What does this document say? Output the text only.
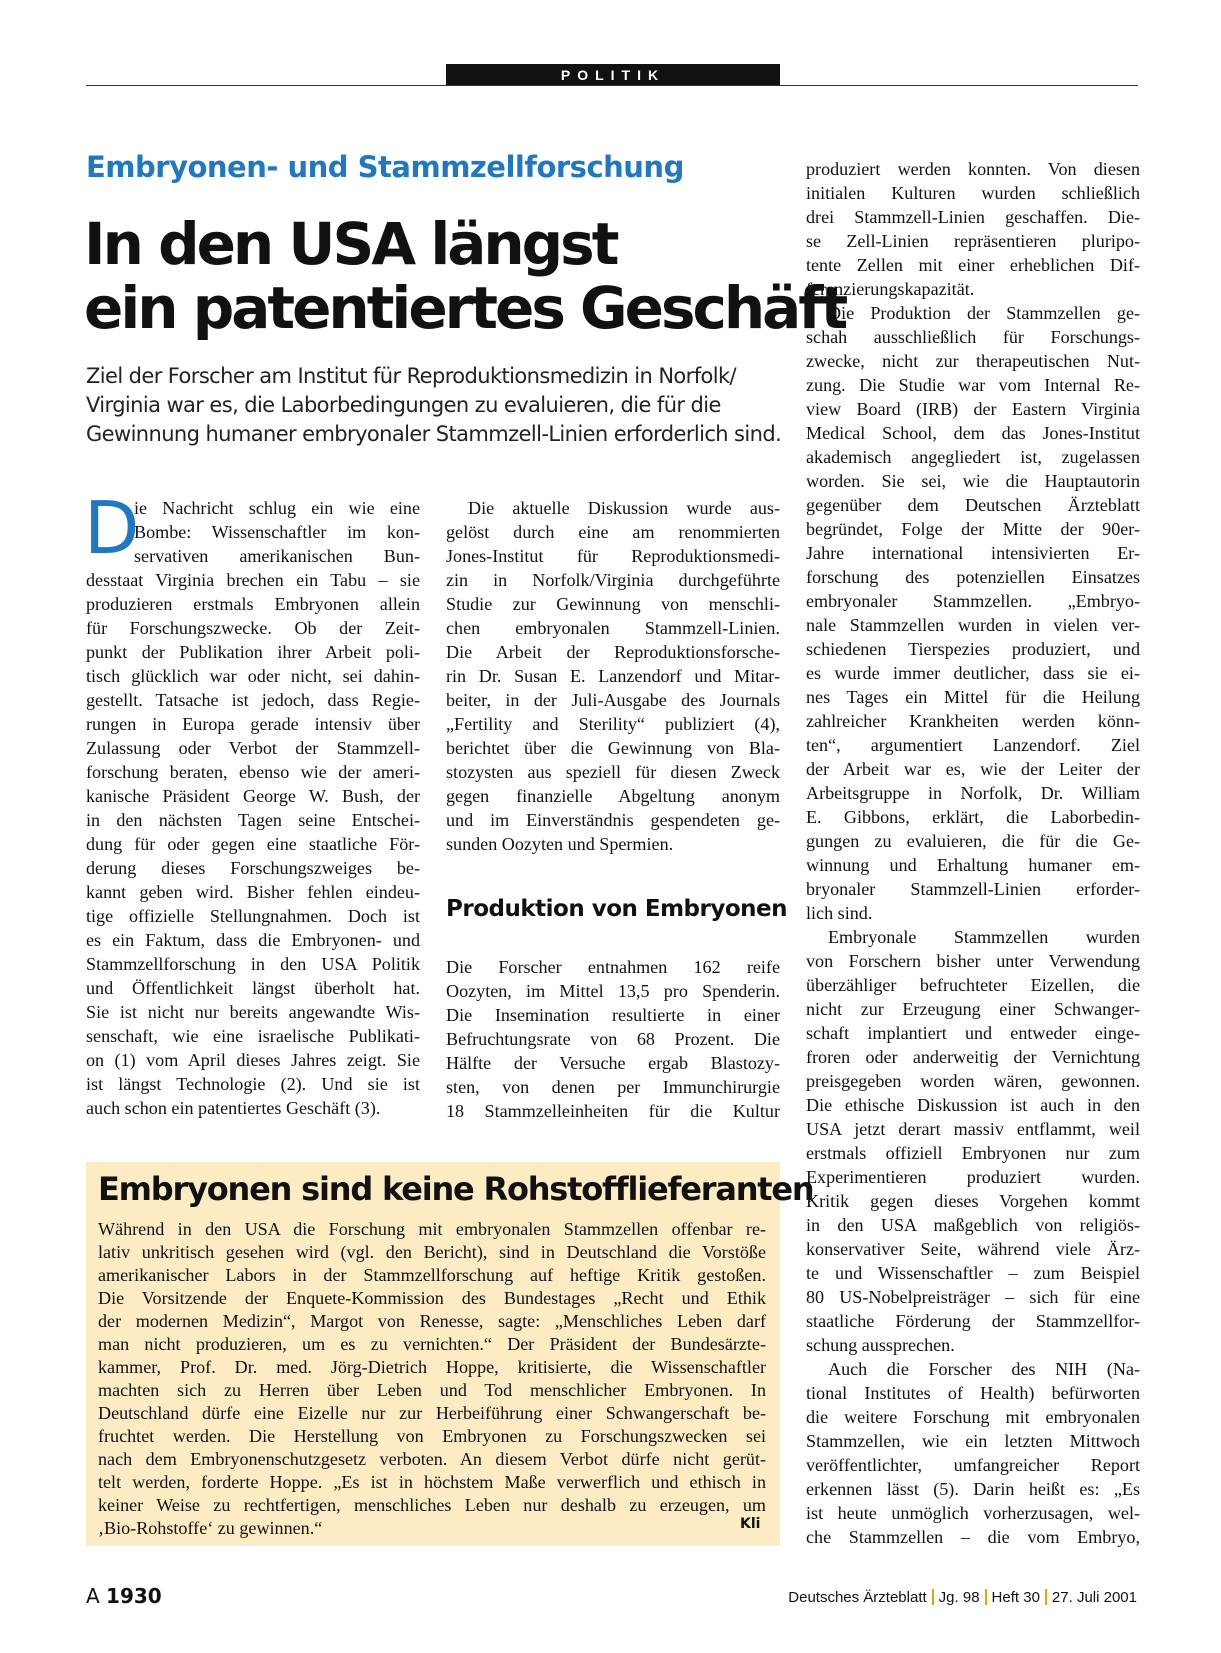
POLITIK
Embryonen- und Stammzellforschung
In den USA längst
ein patentiertes Geschäft
Ziel der Forscher am Institut für Reproduktionsmedizin in Norfolk/
Virginia war es, die Laborbedingungen zu evaluieren, die für die
Gewinnung humaner embryonaler Stammzell-Linien erforderlich sind.
D
ie Nachricht schlug ein wie eine
Bombe: Wissenschaftler im kon-
servativen amerikanischen Bun-
desstaat Virginia brechen ein Tabu – sie
produzieren erstmals Embryonen allein
für Forschungszwecke. Ob der Zeit-
punkt der Publikation ihrer Arbeit poli-
tisch glücklich war oder nicht, sei dahin-
gestellt. Tatsache ist jedoch, dass Regie-
rungen in Europa gerade intensiv über
Zulassung oder Verbot der Stammzell-
forschung beraten, ebenso wie der ameri-
kanische Präsident George W. Bush, der
in den nächsten Tagen seine Entschei-
dung für oder gegen eine staatliche För-
derung dieses Forschungszweiges be-
kannt geben wird. Bisher fehlen eindeu-
tige offizielle Stellungnahmen. Doch ist
es ein Faktum, dass die Embryonen- und
Stammzellforschung in den USA Politik
und Öffentlichkeit längst überholt hat.
Sie ist nicht nur bereits angewandte Wis-
senschaft, wie eine israelische Publikati-
on (1) vom April dieses Jahres zeigt. Sie
ist längst Technologie (2). Und sie ist
auch schon ein patentiertes Geschäft (3).
Die aktuelle Diskussion wurde aus-
gelöst durch eine am renommierten
Jones-Institut für Reproduktionsmedi-
zin in Norfolk/Virginia durchgeführte
Studie zur Gewinnung von menschli-
chen embryonalen Stammzell-Linien.
Die Arbeit der Reproduktionsforsche-
rin Dr. Susan E. Lanzendorf und Mitar-
beiter, in der Juli-Ausgabe des Journals
„Fertility and Sterility“ publiziert (4),
berichtet über die Gewinnung von Bla-
stozysten aus speziell für diesen Zweck
gegen finanzielle Abgeltung anonym
und im Einverständnis gespendeten ge-
sunden Oozyten und Spermien.
Produktion von Embryonen
Die Forscher entnahmen 162 reife
Oozyten, im Mittel 13,5 pro Spenderin.
Die Insemination resultierte in einer
Befruchtungsrate von 68 Prozent. Die
Hälfte der Versuche ergab Blastozy-
sten, von denen per Immunchirurgie
18 Stammzelleinheiten für die Kultur
produziert werden konnten. Von diesen
initialen Kulturen wurden schließlich
drei Stammzell-Linien geschaffen. Die-
se Zell-Linien repräsentieren pluripo-
tente Zellen mit einer erheblichen Dif-
ferenzierungskapazität.
Die Produktion der Stammzellen ge-
schah ausschließlich für Forschungs-
zwecke, nicht zur therapeutischen Nut-
zung. Die Studie war vom Internal Re-
view Board (IRB) der Eastern Virginia
Medical School, dem das Jones-Institut
akademisch angegliedert ist, zugelassen
worden. Sie sei, wie die Hauptautorin
gegenüber dem Deutschen Ärzteblatt
begründet, Folge der Mitte der 90er-
Jahre international intensivierten Er-
forschung des potenziellen Einsatzes
embryonaler Stammzellen. „Embryo-
nale Stammzellen wurden in vielen ver-
schiedenen Tierspezies produziert, und
es wurde immer deutlicher, dass sie ei-
nes Tages ein Mittel für die Heilung
zahlreicher Krankheiten werden könn-
ten“, argumentiert Lanzendorf. Ziel
der Arbeit war es, wie der Leiter der
Arbeitsgruppe in Norfolk, Dr. William
E. Gibbons, erklärt, die Laborbedin-
gungen zu evaluieren, die für die Ge-
winnung und Erhaltung humaner em-
bryonaler Stammzell-Linien erforder-
lich sind.
Embryonale Stammzellen wurden
von Forschern bisher unter Verwendung
überzähliger befruchteter Eizellen, die
nicht zur Erzeugung einer Schwanger-
schaft implantiert und entweder einge-
froren oder anderweitig der Vernichtung
preisgegeben worden wären, gewonnen.
Die ethische Diskussion ist auch in den
USA jetzt derart massiv entflammt, weil
erstmals offiziell Embryonen nur zum
Experimentieren produziert wurden.
Kritik gegen dieses Vorgehen kommt
in den USA maßgeblich von religiös-
konservativer Seite, während viele Ärz-
te und Wissenschaftler – zum Beispiel
80 US-Nobelpreisträger – sich für eine
staatliche Förderung der Stammzellfor-
schung aussprechen.
Auch die Forscher des NIH (Na-
tional Institutes of Health) befürworten
die weitere Forschung mit embryonalen
Stammzellen, wie ein letzten Mittwoch
veröffentlichter, umfangreicher Report
erkennen lässt (5). Darin heißt es: „Es
ist heute unmöglich vorherzusagen, wel-
che Stammzellen – die vom Embryo,
Embryonen sind keine Rohstofflieferanten
Während in den USA die Forschung mit embryonalen Stammzellen offenbar re-
lativ unkritisch gesehen wird (vgl. den Bericht), sind in Deutschland die Vorstöße
amerikanischer Labors in der Stammzellforschung auf heftige Kritik gestoßen.
Die Vorsitzende der Enquete-Kommission des Bundestages „Recht und Ethik
der modernen Medizin“, Margot von Renesse, sagte: „Menschliches Leben darf
man nicht produzieren, um es zu vernichten.“ Der Präsident der Bundesärzte-
kammer, Prof. Dr. med. Jörg-Dietrich Hoppe, kritisierte, die Wissenschaftler
machten sich zu Herren über Leben und Tod menschlicher Embryonen. In
Deutschland dürfe eine Eizelle nur zur Herbeiführung einer Schwangerschaft be-
fruchtet werden. Die Herstellung von Embryonen zu Forschungszwecken sei
nach dem Embryonenschutzgesetz verboten. An diesem Verbot dürfe nicht gerüt-
telt werden, forderte Hoppe. „Es ist in höchstem Maße verwerflich und ethisch in
keiner Weise zu rechtfertigen, menschliches Leben nur deshalb zu erzeugen, um
‚Bio-Rohstoffe‘ zu gewinnen.“	Kli
A 1930	Deutsches Ärzteblatt Jg. 98 Heft 30 27. Juli 2001
